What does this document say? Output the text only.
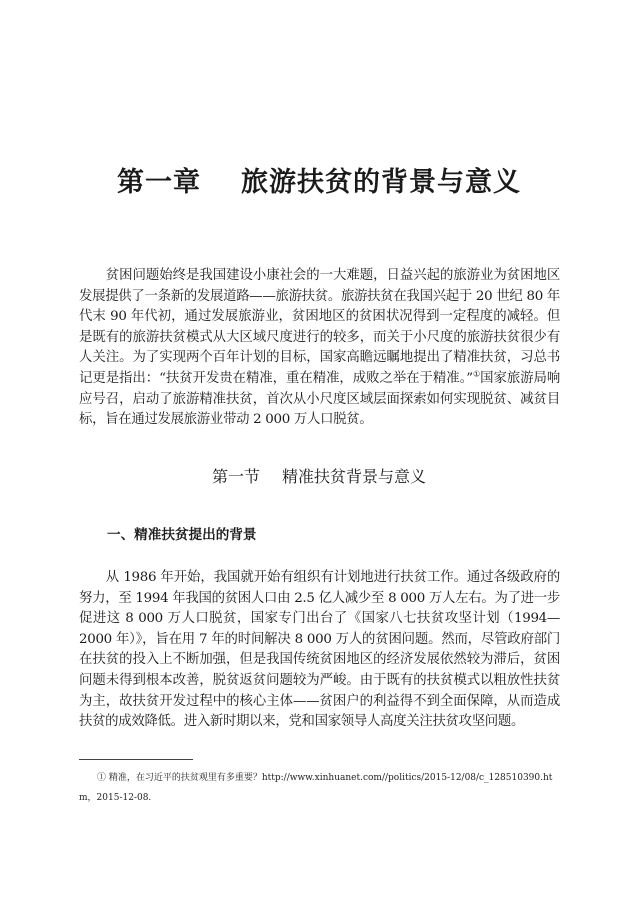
第一章 旅游扶贫的背景与意义

贫困问题始终是我国建设小康社会的一大难题，日益兴起的旅游业为贫困地区发展提供了一条新的发展道路——旅游扶贫。旅游扶贫在我国兴起于 20 世纪 80 年代末 90 年代初，通过发展旅游业，贫困地区的贫困状况得到一定程度的减轻。但是既有的旅游扶贫模式从大区域尺度进行的较多，而关于小尺度的旅游扶贫很少有人关注。为了实现两个百年计划的目标，国家高瞻远瞩地提出了精准扶贫，习总书记更是指出：“扶贫开发贵在精准，重在精准，成败之举在于精准。”①国家旅游局响应号召，启动了旅游精准扶贫，首次从小尺度区域层面探索如何实现脱贫、减贫目标，旨在通过发展旅游业带动 2 000 万人口脱贫。

第一节 精准扶贫背景与意义
一、精准扶贫提出的背景

从 1986 年开始，我国就开始有组织有计划地进行扶贫工作。通过各级政府的努力，至 1994 年我国的贫困人口由 2.5 亿人减少至 8 000 万人左右。为了进一步促进这 8 000 万人口脱贫，国家专门出台了《国家八七扶贫攻坚计划（1994—2000 年）》，旨在用 7 年的时间解决 8 000 万人的贫困问题。然而，尽管政府部门在扶贫的投入上不断加强，但是我国传统贫困地区的经济发展依然较为滞后，贫困问题未得到根本改善，脱贫返贫问题较为严峻。由于既有的扶贫模式以粗放性扶贫为主，故扶贫开发过程中的核心主体——贫困户的利益得不到全面保障，从而造成扶贫的成效降低。进入新时期以来，党和国家领导人高度关注扶贫攻坚问题。

① 精准，在习近平的扶贫观里有多重要？http://www.xinhuanet.com//politics/2015-12/08/c_128510390.htm，2015-12-08.
